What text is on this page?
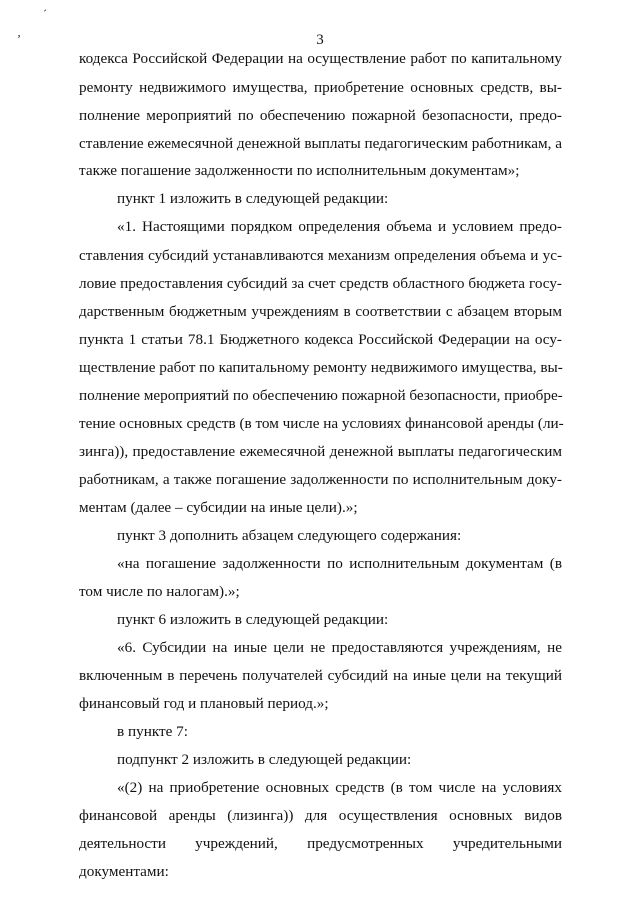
´
ʼ	3
кодекса Российской Федерации на осуществление работ по капитальному
ремонту недвижимого имущества, приобретение основных средств, вы-
полнение мероприятий по обеспечению пожарной безопасности, предо-
ставление ежемесячной денежной выплаты педагогическим работникам, а
также погашение задолженности по исполнительным документам»;
пункт 1 изложить в следующей редакции:
«1. Настоящими порядком определения объема и условием предо-
ставления субсидий устанавливаются механизм определения объема и ус-
ловие предоставления субсидий за счет средств областного бюджета госу-
дарственным бюджетным учреждениям в соответствии с абзацем вторым
пункта 1 статьи 78.1 Бюджетного кодекса Российской Федерации на осу-
ществление работ по капитальному ремонту недвижимого имущества, вы-
полнение мероприятий по обеспечению пожарной безопасности, приобре-
тение основных средств (в том числе на условиях финансовой аренды (ли-
зинга)), предоставление ежемесячной денежной выплаты педагогическим
работникам, а также погашение задолженности по исполнительным доку-
ментам (далее – субсидии на иные цели).»;
пункт 3 дополнить абзацем следующего содержания:
«на погашение задолженности по исполнительным документам (в
том числе по налогам).»;
пункт 6 изложить в следующей редакции:
«6. Субсидии на иные цели не предоставляются учреждениям, не
включенным в перечень получателей субсидий на иные цели на текущий
финансовый год и плановый период.»;
в пункте 7:
подпункт 2 изложить в следующей редакции:
«(2) на приобретение основных средств (в том числе на условиях
финансовой аренды (лизинга)) для осуществления основных видов
деятельности учреждений, предусмотренных учредительными
документами:
